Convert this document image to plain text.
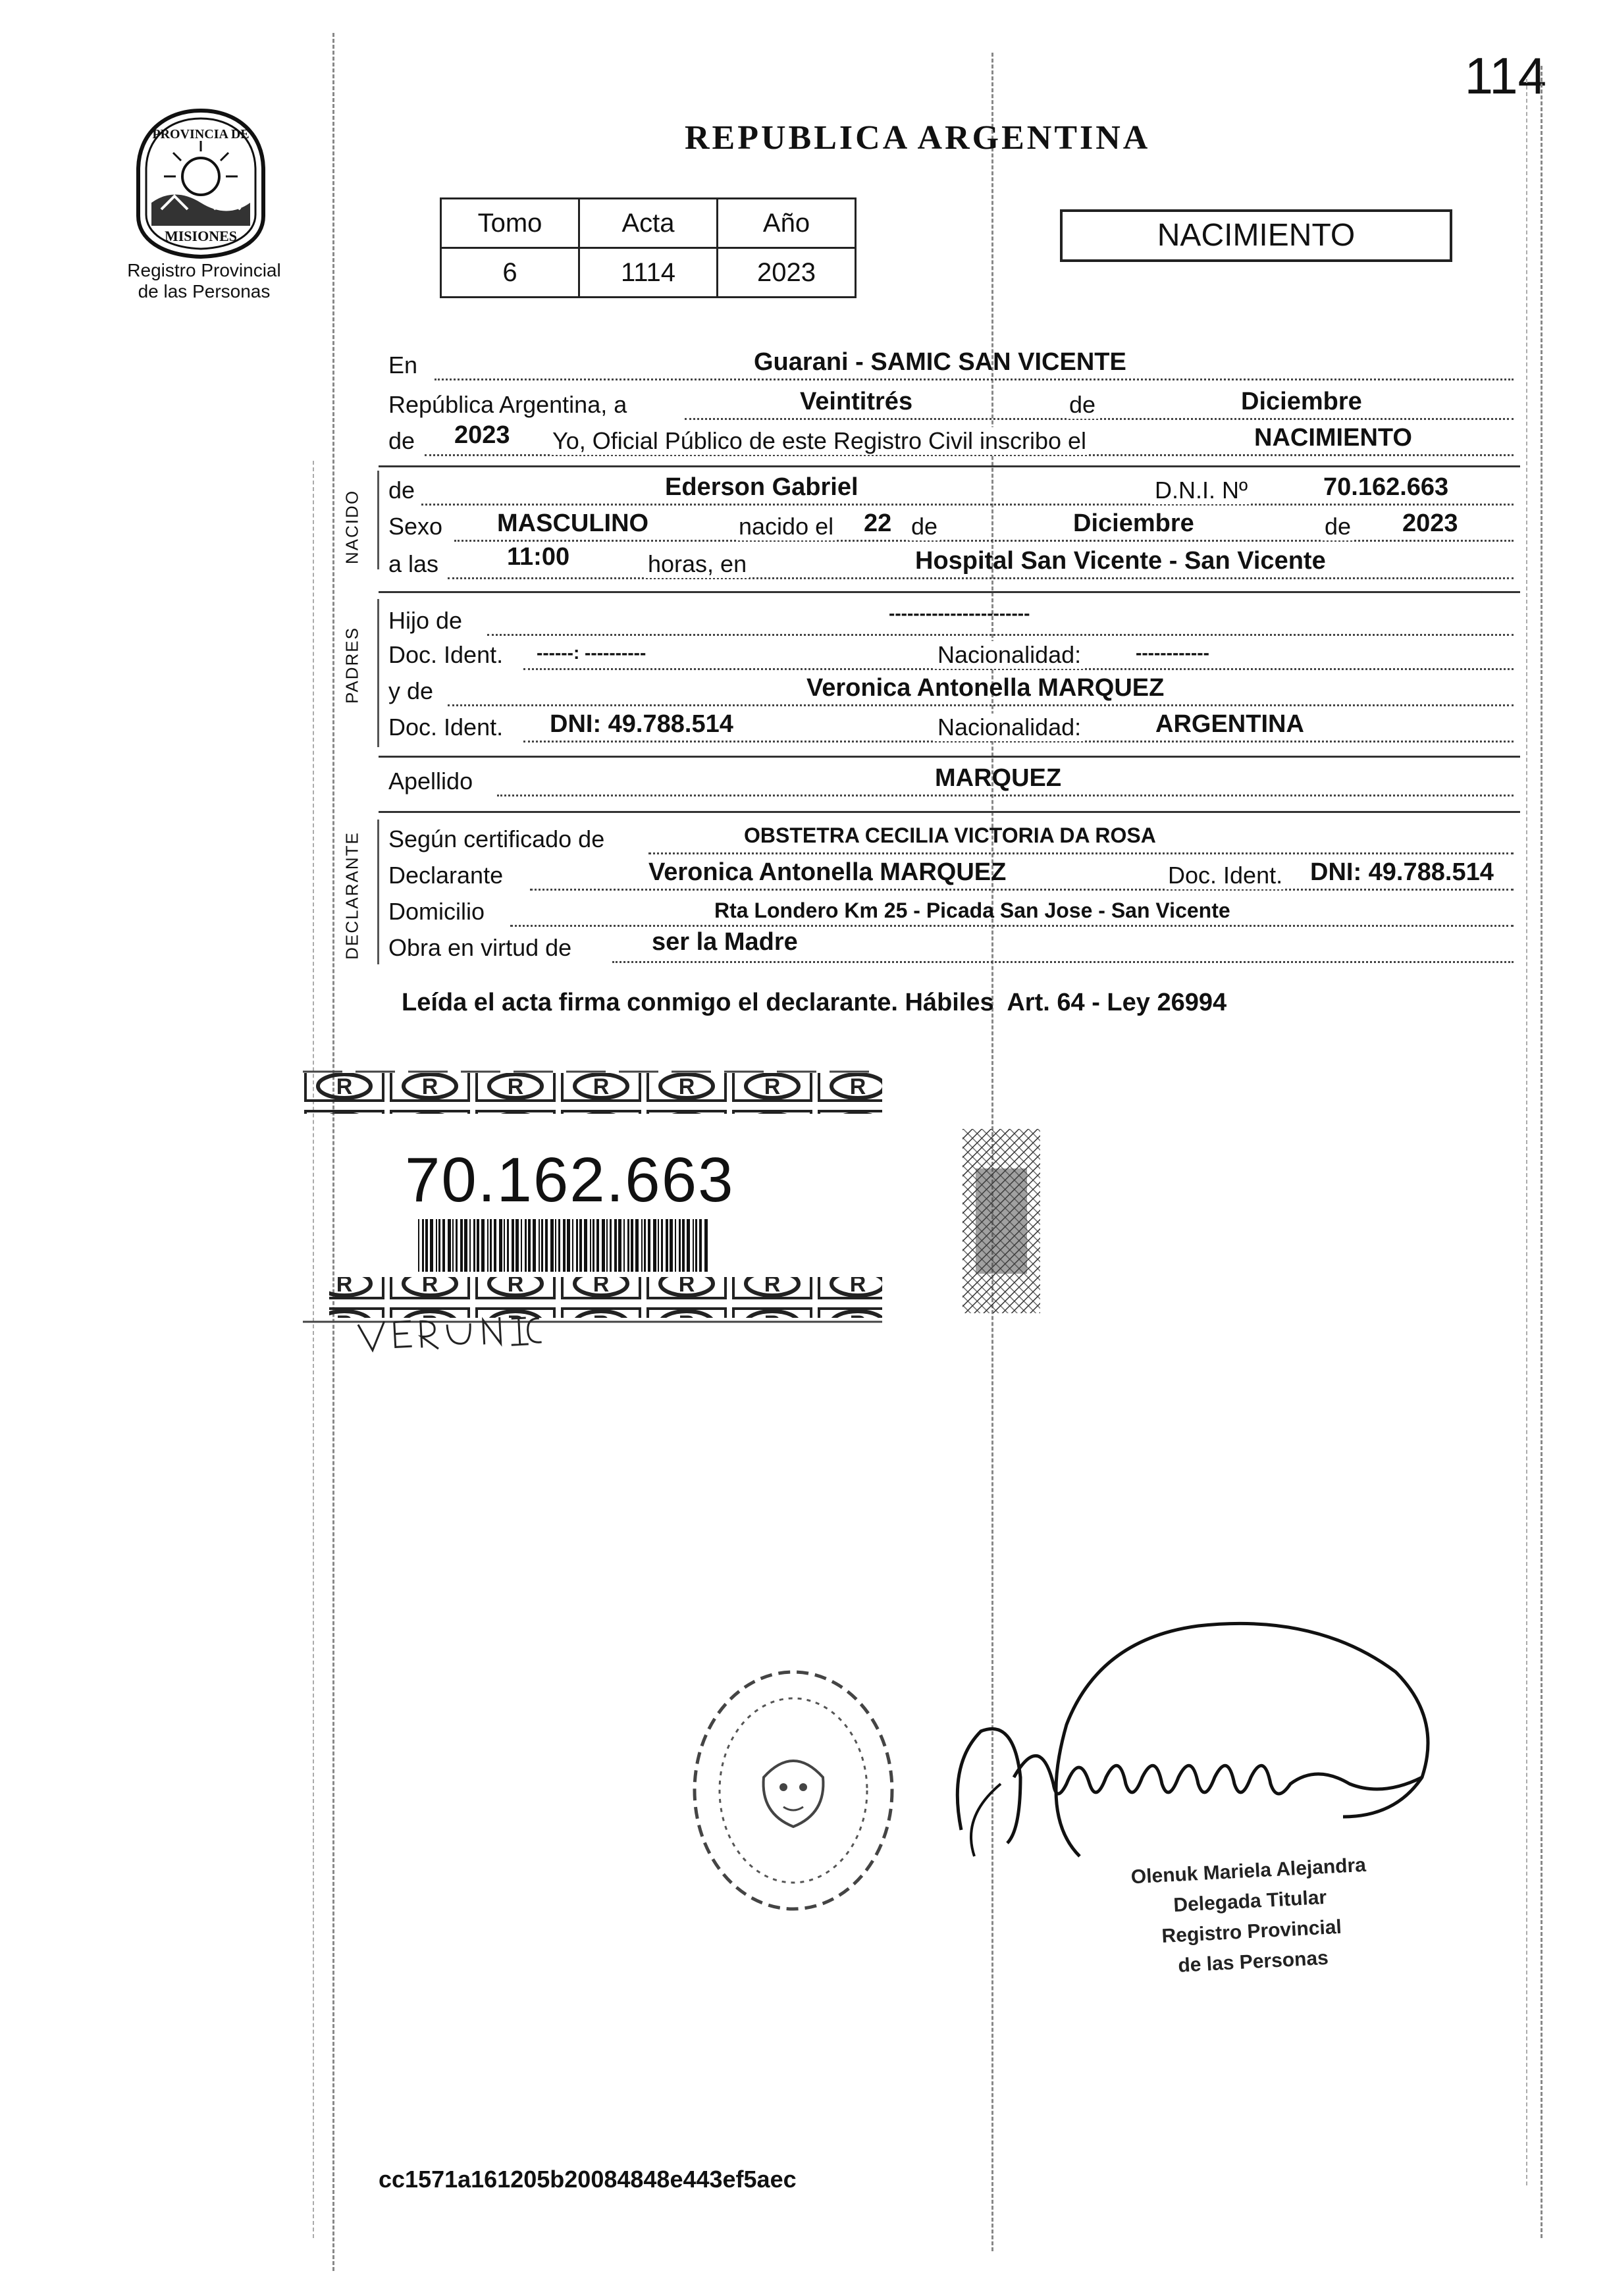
114
PROVINCIA DE
MISIONES
Registro Provincial
de las Personas
REPUBLICA ARGENTINA
Tomo	Acta	Año
6	1114	2023
NACIMIENTO
En	Guarani - SAMIC SAN VICENTE
República Argentina, a	Veintitrés	de	Diciembre
de 2023 Yo, Oficial Público de este Registro Civil inscribo el	NACIMIENTO
NACIDO de	Ederson Gabriel	D.N.I. Nº	70.162.663
Sexo MASCULINO	nacido el 22 de	Diciembre	de 2023
a las	11:00	horas, en	Hospital San Vicente - San Vicente
PADRES
Hijo de	-----------------------
Doc. Ident. ------: ----------	Nacionalidad:	------------
y de	Veronica Antonella MARQUEZ
Doc. Ident. DNI: 49.788.514	Nacionalidad:	ARGENTINA
Apellido	MARQUEZ
DECLARANTE Según certificado de	OBSTETRA CECILIA VICTORIA DA ROSA
Declarante	Veronica Antonella MARQUEZ	Doc. Ident. DNI: 49.788.514
Domicilio	Rta Londero Km 25 - Picada San Jose - San Vicente
Obra en virtud de	ser la Madre
Leída el acta firma conmigo el declarante. Hábiles  Art. 64 - Ley 26994
70.162.663
Olenuk Mariela Alejandra
Delegada Titular
Registro Provincial
de las Personas
cc1571a161205b20084848e443ef5aec
